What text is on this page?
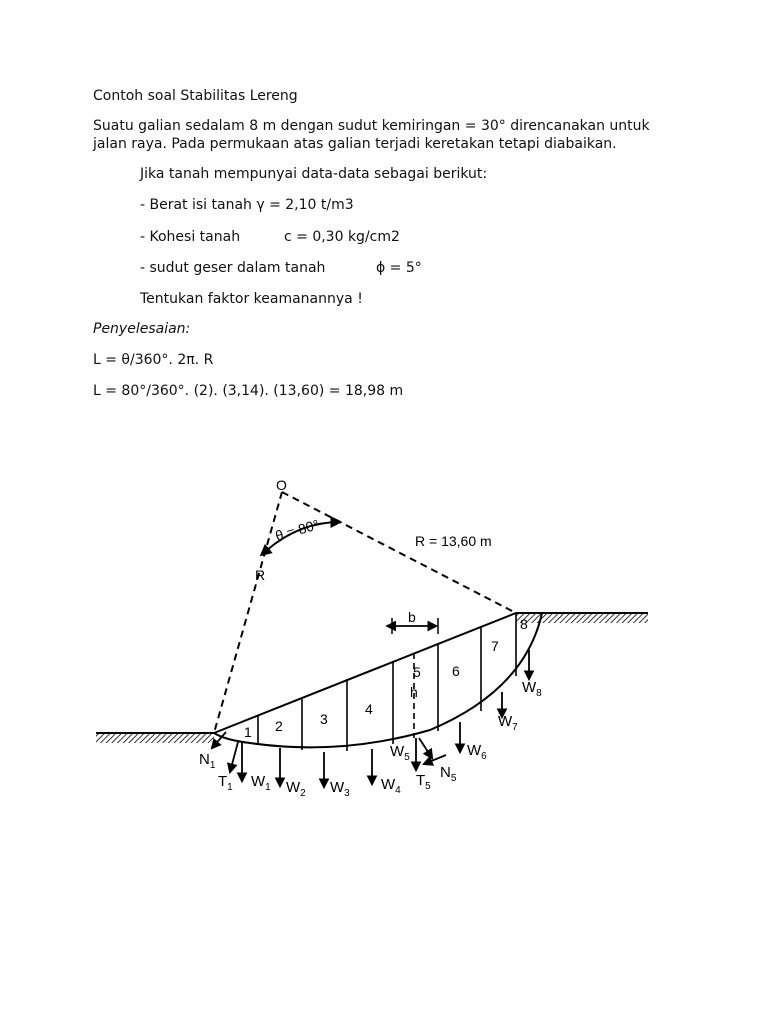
Contoh soal Stabilitas Lereng
Suatu galian sedalam 8 m dengan sudut kemiringan = 30° direncanakan untuk
jalan raya. Pada permukaan atas galian terjadi keretakan tetapi diabaikan.
Jika tanah mempunyai data-data sebagai berikut:
- Berat isi tanah γ = 2,10 t/m3
- Kohesi tanah	c = 0,30 kg/cm2
- sudut geser dalam tanah	ϕ = 5°
Tentukan faktor keamanannya !
Penyelesaian:
L = θ/360°. 2π. R
L = 80°/360°. (2). (3,14). (13,60) = 18,98 m
O
θ = 80°
R
R = 13,60 m
b
h
1 2	3
4
5 6
7
8
$W_1$ $W_2$ $W_3$
$W_4$
$W_5$	$W_6$
$W_7$
$W_8$
$N_1$
$T_1$
$N_5$
$T_5$
